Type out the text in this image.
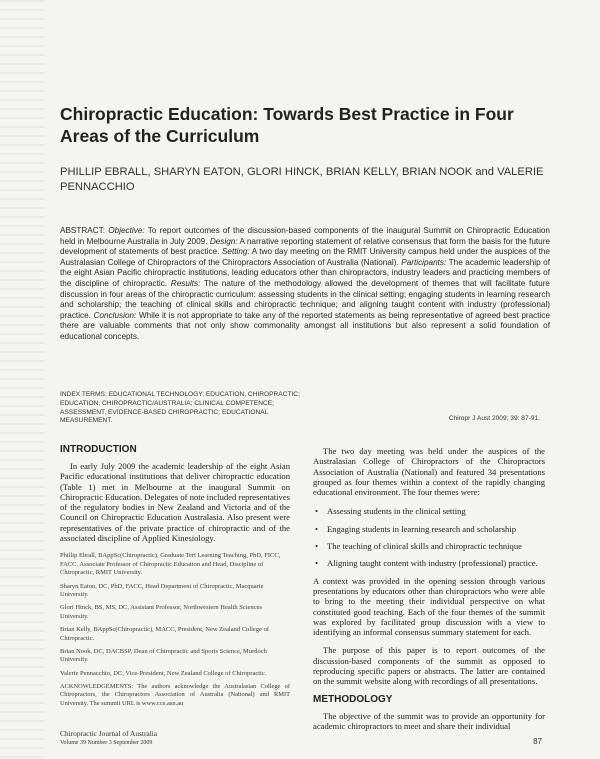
Chiropractic Education: Towards Best Practice in Four Areas of the Curriculum

PHILLIP EBRALL, SHARYN EATON, GLORI HINCK, BRIAN KELLY, BRIAN NOOK and VALERIE PENNACCHIO

ABSTRACT: Objective: To report outcomes of the discussion-based components of the inaugural Summit on Chiropractic Education held in Melbourne Australia in July 2009. Design: A narrative reporting statement of relative consensus that form the basis for the future development of statements of best practice. Setting: A two day meeting on the RMIT University campus held under the auspices of the Australasian College of Chiropractors of the Chiropractors Association of Australia (National). Participants: The academic leadership of the eight Asian Pacific chiropractic institutions, leading educators other than chiropractors, industry leaders and practicing members of the discipline of chiropractic. Results: The nature of the methodology allowed the development of themes that will facilitate future discussion in four areas of the chiropractic curriculum: assessing students in the clinical setting; engaging students in learning research and scholarship; the teaching of clinical skills and chiropractic technique; and aligning taught content with industry (professional) practice. Conclusion: While it is not appropriate to take any of the reported statements as being representative of agreed best practice there are valuable comments that not only show commonality amongst all institutions but also represent a solid foundation of educational concepts.

INDEX TERMS: EDUCATIONAL TECHNOLOGY; EDUCATION, CHIROPRACTIC; EDUCATION, CHIROPRACTIC/AUSTRALIA; CLINICAL COMPETENCE; ASSESSMENT, EVIDENCE-BASED CHIROPRACTIC; EDUCATIONAL MEASUREMENT.	Chiropr J Aust 2009; 39: 87-91.
INTRODUCTION

In early July 2009 the academic leadership of the eight Asian Pacific educational institutions that deliver chiropractic education (Table 1) met in Melbourne at the inaugural Summit on Chiropractic Education. Delegates of note included representatives of the regulatory bodies in New Zealand and Victoria and of the Council on Chiropractic Education Australasia. Also present were representatives of the private practice of chiropractic and of the associated discipline of Applied Kinesiology.

Phillip Ebrall, BAppSc(Chiropractic), Graduate Tert Learning Teaching, PhD, FICC, FACC. Associate Professor of Chiropractic Education and Head, Discipline of Chiropractic, RMIT University.

Sharyn Eaton, DC, PhD, FACC, Head Department of Chiropractic, Macquarie University.

Glori Hinck, BS, MS, DC, Assistant Professor, Northwestern Health Sciences University.

Brian Kelly, BAppSc(Chiropractic), MACC, President, New Zealand College of Chiropractic.

Brian Nook, DC, DACBSP, Dean of Chiropractic and Sports Science, Murdoch University.

Valerie Pennacchio, DC, Vice-President, New Zealand College of Chiropractic.

ACKNOWLEDGEMENTS: The authors acknowledge the Australasian College of Chiropractors, the Chiropractors Association of Australia (National) and RMIT University. The summit URL is www.cce.asn.au

The two day meeting was held under the auspices of the Australasian College of Chiropractors of the Chiropractors Association of Australia (National) and featured 34 presentations grouped as four themes within a context of the rapidly changing educational environment. The four themes were:

• Assessing students in the clinical setting
• Engaging students in learning research and scholarship
• The teaching of clinical skills and chiropractic technique
• Aligning taught content with industry (professional) practice.

A context was provided in the opening session through various presentations by educators other than chiropractors who were able to bring to the meeting their individual perspective on what constituted good teaching. Each of the four themes of the summit was explored by facilitated group discussion with a view to identifying an informal consensus summary statement for each.

The purpose of this paper is to report outcomes of the discussion-based components of the summit as opposed to reproducing specific papers or abstracts. The latter are contained on the summit website along with recordings of all presentations.

METHODOLOGY

The objective of the summit was to provide an opportunity for academic chiropractors to meet and share their individual

Chiropractic Journal of Australia
Volume 39 Number 3 September 2009	87
